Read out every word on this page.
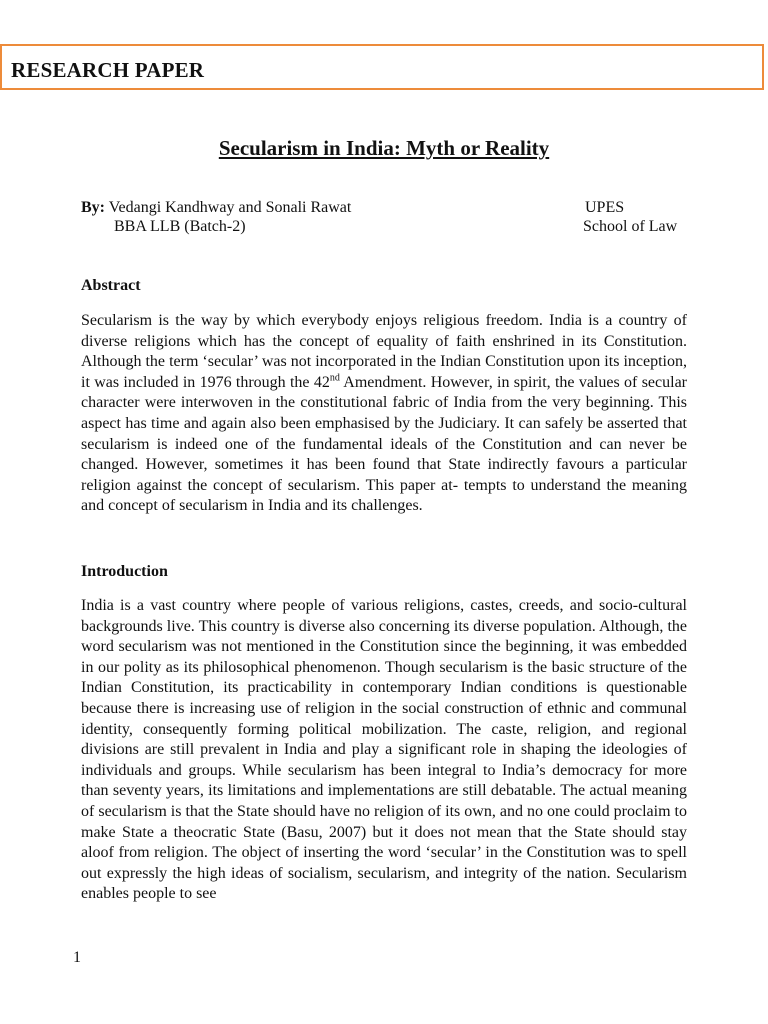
RESEARCH PAPER
Secularism in India: Myth or Reality
By: Vedangi Kandhway and Sonali Rawat
BBA LLB (Batch-2)
UPES
School of Law
Abstract

Secularism is the way by which everybody enjoys religious freedom. India is a country of diverse religions which has the concept of equality of faith enshrined in its Constitution. Although the term ‘secular’ was not incorporated in the Indian Constitution upon its inception, it was included in 1976 through the 42nd Amendment. However, in spirit, the values of secular character were interwoven in the constitutional fabric of India from the very beginning. This aspect has time and again also been emphasised by the Judiciary. It can safely be asserted that secularism is indeed one of the fundamental ideals of the Constitution and can never be changed. However, sometimes it has been found that State indirectly favours a particular religion against the concept of secularism. This paper at- tempts to understand the meaning and concept of secularism in India and its challenges.

Introduction

India is a vast country where people of various religions, castes, creeds, and socio-cultural backgrounds live. This country is diverse also concerning its diverse population. Although, the word secularism was not mentioned in the Constitution since the beginning, it was embedded in our polity as its philosophical phenomenon. Though secularism is the basic structure of the Indian Constitution, its practicability in contemporary Indian conditions is questionable because there is increasing use of religion in the social construction of ethnic and communal identity, consequently forming political mobilization. The caste, religion, and regional divisions are still prevalent in India and play a significant role in shaping the ideologies of individuals and groups. While secularism has been integral to India’s democracy for more than seventy years, its limitations and implementations are still debatable. The actual meaning of secularism is that the State should have no religion of its own, and no one could proclaim to make State a theocratic State (Basu, 2007) but it does not mean that the State should stay aloof from religion. The object of inserting the word ‘secular’ in the Constitution was to spell out expressly the high ideas of socialism, secularism, and integrity of the nation. Secularism enables people to see

1
